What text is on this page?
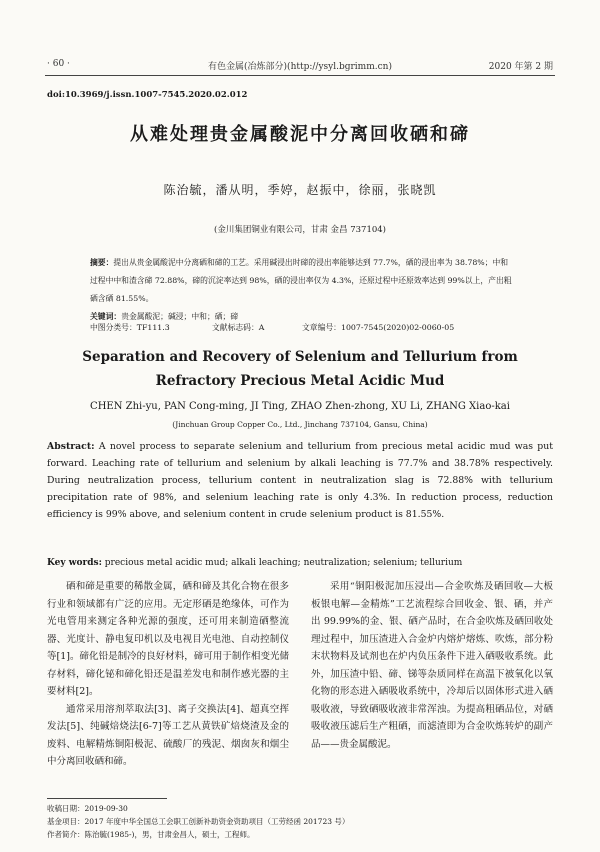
· 60 ·	有色金属(冶炼部分)(http://ysyl.bgrimm.cn)	2020 年第 2 期
doi:10.3969/j.issn.1007-7545.2020.02.012
从难处理贵金属酸泥中分离回收硒和碲
陈治毓，潘从明，季婷，赵振中，徐丽，张晓凯
(金川集团铜业有限公司，甘肃 金昌 737104)
摘要：提出从贵金属酸泥中分离硒和碲的工艺。采用碱浸出时碲的浸出率能够达到 77.7%，硒的浸出率为 38.78%；中和过程中中和渣含碲 72.88%，碲的沉淀率达到 98%，硒的浸出率仅为 4.3%，还原过程中还原效率达到 99%以上，产出粗硒含硒 81.55%。
关键词：贵金属酸泥；碱浸；中和；硒；碲
中图分类号：TF111.3	文献标志码：A	文章编号：1007-7545(2020)02-0060-05
Separation and Recovery of Selenium and Tellurium from
Refractory Precious Metal Acidic Mud
CHEN Zhi-yu, PAN Cong-ming, JI Ting, ZHAO Zhen-zhong, XU Li, ZHANG Xiao-kai
(Jinchuan Group Copper Co., Ltd., Jinchang 737104, Gansu, China)
Abstract: A novel process to separate selenium and tellurium from precious metal acidic mud was put forward. Leaching rate of tellurium and selenium by alkali leaching is 77.7% and 38.78% respectively. During neutralization process, tellurium content in neutralization slag is 72.88% with tellurium precipitation rate of 98%, and selenium leaching rate is only 4.3%. In reduction process, reduction efficiency is 99% above, and selenium content in crude selenium product is 81.55%.
Key words: precious metal acidic mud; alkali leaching; neutralization; selenium; tellurium

硒和碲是重要的稀散金属，硒和碲及其化合物在很多行业和领域都有广泛的应用。无定形硒是绝缘体，可作为光电管用来测定各种光源的强度，还可用来制造硒整流器、光度计、静电复印机以及电视目光电池、自动控制仪等[1]。碲化铅是制冷的良好材料，碲可用于制作相变光储存材料，碲化铋和碲化铅还是温差发电和制作感光器的主要材料[2]。

通常采用溶剂萃取法[3]、离子交换法[4]、超真空挥发法[5]、纯碱焙烧法[6-7]等工艺从黄铁矿焙烧渣及金的废料、电解精炼铜阳极泥、硫酸厂的残泥、烟囱灰和烟尘中分离回收硒和碲。

采用“铜阳极泥加压浸出—合金吹炼及硒回收—大板板银电解—金精炼”工艺流程综合回收金、银、硒，并产出 99.99%的金、银、硒产品时，在合金吹炼及硒回收处理过程中，加压渣进入合金炉内熔炉熔炼、吹炼，部分粉末状物料及试剂也在炉内负压条件下进入硒吸收系统。此外，加压渣中铅、碲、锑等杂质同样在高温下被氧化以氧化物的形态进入硒吸收系统中，冷却后以固体形式进入硒吸收液，导致硒吸收液非常浑浊。为提高粗硒品位，对硒吸收液压滤后生产粗硒，而滤渣即为合金吹炼转炉的副产品——贵金属酸泥。

收稿日期：2019-09-30
基金项目：2017 年度中华全国总工会职工创新补助资金资助项目（工劳经函 201723 号）
作者简介：陈治毓(1985-)，男，甘肃金昌人，硕士，工程师。
